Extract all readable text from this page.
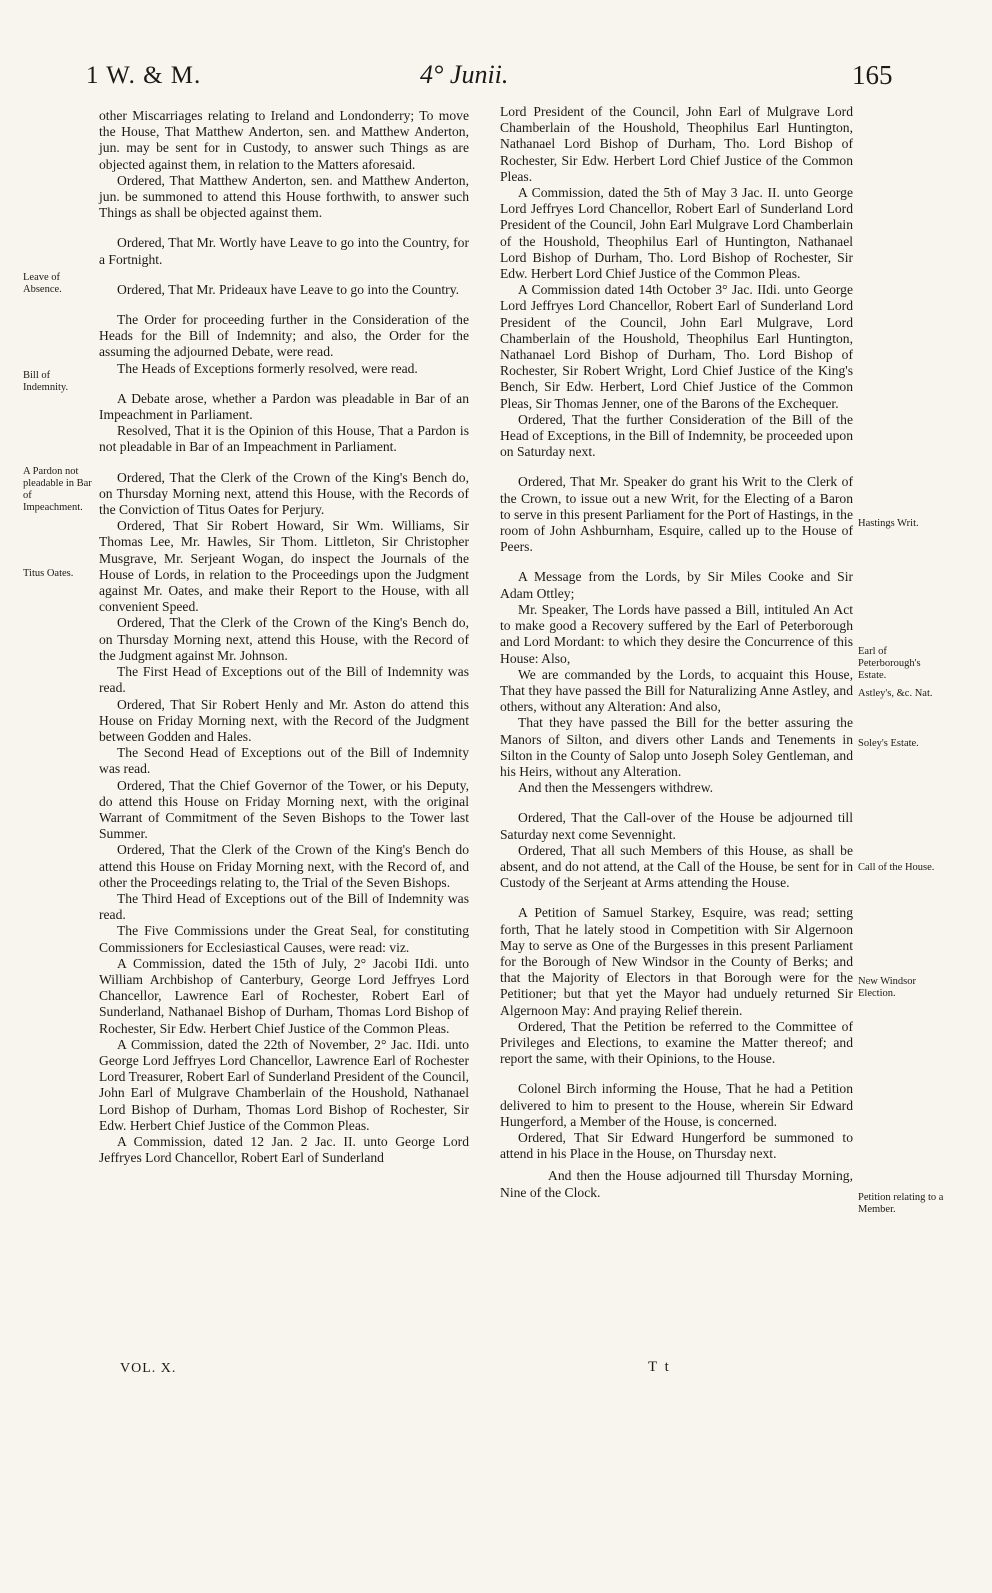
1 W. & M.	4° Junii.	165
Leave of Absence.
Bill of Indemnity.
A Pardon not pleadable in Bar of Impeachment.
Titus Oates.
Hastings Writ.
Earl of Peterborough's Estate.
Astley's, &c. Nat.
Soley's Estate.
Call of the House.
New Windsor Election.
Petition relating to a Member.

other Miscarriages relating to Ireland and Londonderry; To move the House, That Matthew Anderton, sen. and Matthew Anderton, jun. may be sent for in Custody, to answer such Things as are objected against them, in relation to the Matters aforesaid.

Ordered, That Matthew Anderton, sen. and Matthew Anderton, jun. be summoned to attend this House forthwith, to answer such Things as shall be objected against them.

Ordered, That Mr. Wortly have Leave to go into the Country, for a Fortnight.

Ordered, That Mr. Prideaux have Leave to go into the Country.

The Order for proceeding further in the Consideration of the Heads for the Bill of Indemnity; and also, the Order for the assuming the adjourned Debate, were read.

The Heads of Exceptions formerly resolved, were read.

A Debate arose, whether a Pardon was pleadable in Bar of an Impeachment in Parliament.

Resolved, That it is the Opinion of this House, That a Pardon is not pleadable in Bar of an Impeachment in Parliament.

Ordered, That the Clerk of the Crown of the King's Bench do, on Thursday Morning next, attend this House, with the Records of the Conviction of Titus Oates for Perjury.

Ordered, That Sir Robert Howard, Sir Wm. Williams, Sir Thomas Lee, Mr. Hawles, Sir Thom. Littleton, Sir Christopher Musgrave, Mr. Serjeant Wogan, do inspect the Journals of the House of Lords, in relation to the Proceedings upon the Judgment against Mr. Oates, and make their Report to the House, with all convenient Speed.

Ordered, That the Clerk of the Crown of the King's Bench do, on Thursday Morning next, attend this House, with the Record of the Judgment against Mr. Johnson.

The First Head of Exceptions out of the Bill of Indemnity was read.

Ordered, That Sir Robert Henly and Mr. Aston do attend this House on Friday Morning next, with the Record of the Judgment between Godden and Hales.

The Second Head of Exceptions out of the Bill of Indemnity was read.

Ordered, That the Chief Governor of the Tower, or his Deputy, do attend this House on Friday Morning next, with the original Warrant of Commitment of the Seven Bishops to the Tower last Summer.

Ordered, That the Clerk of the Crown of the King's Bench do attend this House on Friday Morning next, with the Record of, and other the Proceedings relating to, the Trial of the Seven Bishops.

The Third Head of Exceptions out of the Bill of Indemnity was read.

The Five Commissions under the Great Seal, for constituting Commissioners for Ecclesiastical Causes, were read: viz.

A Commission, dated the 15th of July, 2° Jacobi IIdi. unto William Archbishop of Canterbury, George Lord Jeffryes Lord Chancellor, Lawrence Earl of Rochester, Robert Earl of Sunderland, Nathanael Bishop of Durham, Thomas Lord Bishop of Rochester, Sir Edw. Herbert Chief Justice of the Common Pleas.

A Commission, dated the 22th of November, 2° Jac. IIdi. unto George Lord Jeffryes Lord Chancellor, Lawrence Earl of Rochester Lord Treasurer, Robert Earl of Sunderland President of the Council, John Earl of Mulgrave Chamberlain of the Houshold, Nathanael Lord Bishop of Durham, Thomas Lord Bishop of Rochester, Sir Edw. Herbert Chief Justice of the Common Pleas.

A Commission, dated 12 Jan. 2 Jac. II. unto George Lord Jeffryes Lord Chancellor, Robert Earl of Sunderland

Lord President of the Council, John Earl of Mulgrave Lord Chamberlain of the Houshold, Theophilus Earl Huntington, Nathanael Lord Bishop of Durham, Tho. Lord Bishop of Rochester, Sir Edw. Herbert Lord Chief Justice of the Common Pleas.

A Commission, dated the 5th of May 3 Jac. II. unto George Lord Jeffryes Lord Chancellor, Robert Earl of Sunderland Lord President of the Council, John Earl Mulgrave Lord Chamberlain of the Houshold, Theophilus Earl of Huntington, Nathanael Lord Bishop of Durham, Tho. Lord Bishop of Rochester, Sir Edw. Herbert Lord Chief Justice of the Common Pleas.

A Commission dated 14th October 3° Jac. IIdi. unto George Lord Jeffryes Lord Chancellor, Robert Earl of Sunderland Lord President of the Council, John Earl Mulgrave, Lord Chamberlain of the Houshold, Theophilus Earl Huntington, Nathanael Lord Bishop of Durham, Tho. Lord Bishop of Rochester, Sir Robert Wright, Lord Chief Justice of the King's Bench, Sir Edw. Herbert, Lord Chief Justice of the Common Pleas, Sir Thomas Jenner, one of the Barons of the Exchequer.

Ordered, That the further Consideration of the Bill of the Head of Exceptions, in the Bill of Indemnity, be proceeded upon on Saturday next.

Ordered, That Mr. Speaker do grant his Writ to the Clerk of the Crown, to issue out a new Writ, for the Electing of a Baron to serve in this present Parliament for the Port of Hastings, in the room of John Ashburnham, Esquire, called up to the House of Peers.

A Message from the Lords, by Sir Miles Cooke and Sir Adam Ottley;

Mr. Speaker, The Lords have passed a Bill, intituled An Act to make good a Recovery suffered by the Earl of Peterborough and Lord Mordant: to which they desire the Concurrence of this House: Also,

We are commanded by the Lords, to acquaint this House, That they have passed the Bill for Naturalizing Anne Astley, and others, without any Alteration: And also,

That they have passed the Bill for the better assuring the Manors of Silton, and divers other Lands and Tenements in Silton in the County of Salop unto Joseph Soley Gentleman, and his Heirs, without any Alteration.

And then the Messengers withdrew.

Ordered, That the Call-over of the House be adjourned till Saturday next come Sevennight.

Ordered, That all such Members of this House, as shall be absent, and do not attend, at the Call of the House, be sent for in Custody of the Serjeant at Arms attending the House.

A Petition of Samuel Starkey, Esquire, was read; setting forth, That he lately stood in Competition with Sir Algernoon May to serve as One of the Burgesses in this present Parliament for the Borough of New Windsor in the County of Berks; and that the Majority of Electors in that Borough were for the Petitioner; but that yet the Mayor had unduely returned Sir Algernoon May: And praying Relief therein.

Ordered, That the Petition be referred to the Committee of Privileges and Elections, to examine the Matter thereof; and report the same, with their Opinions, to the House.

Colonel Birch informing the House, That he had a Petition delivered to him to present to the House, wherein Sir Edward Hungerford, a Member of the House, is concerned.

Ordered, That Sir Edward Hungerford be summoned to attend in his Place in the House, on Thursday next.

And then the House adjourned till Thursday Morning, Nine of the Clock.

VOL. X.	T t
